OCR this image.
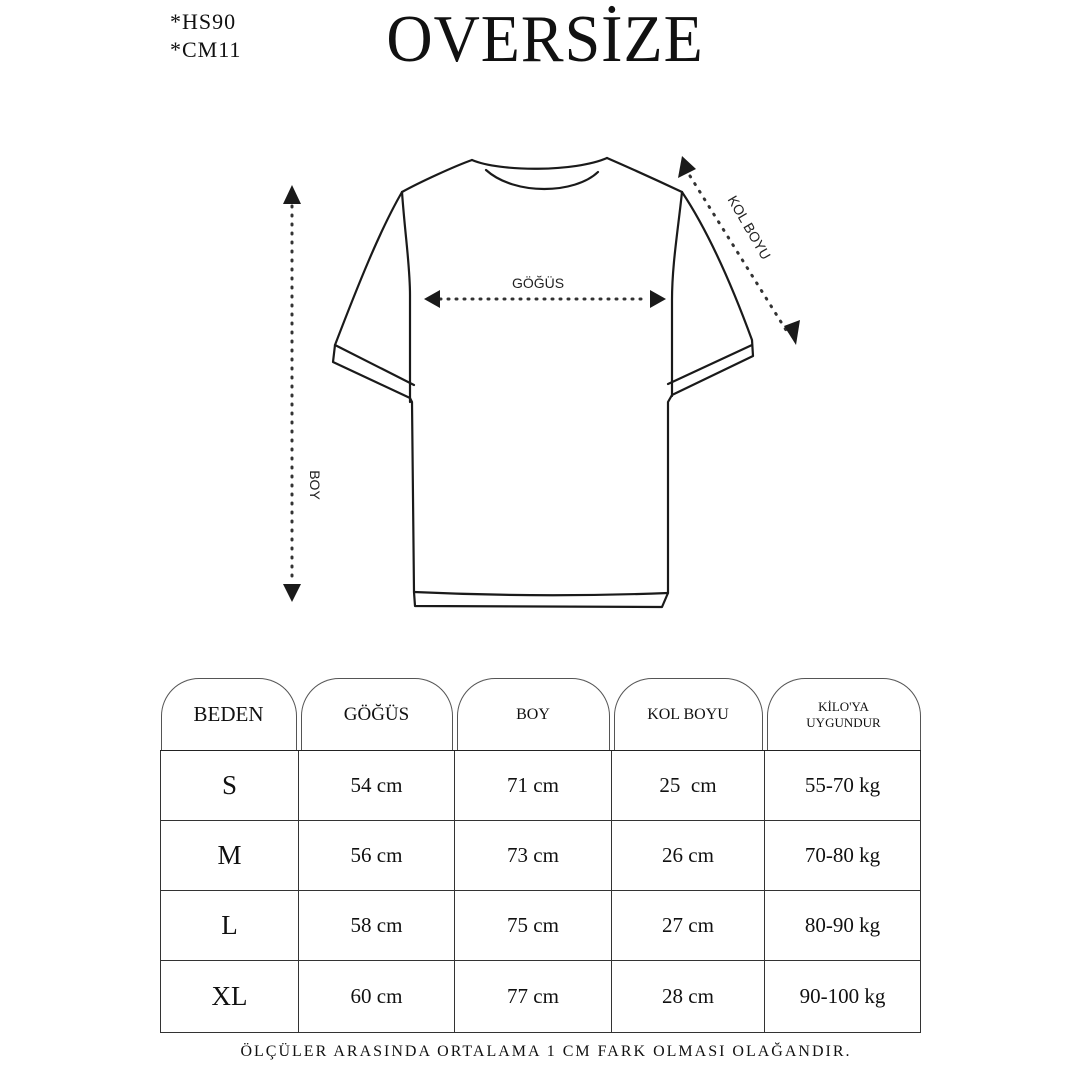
*HS90
*CM11	OVERSİZE
GÖĞÜS
BOY
KOL BOYU
BEDEN	GÖĞÜS	BOY	KOL BOYU	KİLO'YA
UYGUNDUR

S	54 cm	71 cm	25  cm	55-70 kg
M	56 cm	73 cm	26 cm	70-80 kg
L	58 cm	75 cm	27 cm	80-90 kg
XL	60 cm	77 cm	28 cm	90-100 kg
ÖLÇÜLER ARASINDA ORTALAMA 1 CM FARK OLMASI OLAĞANDIR.
